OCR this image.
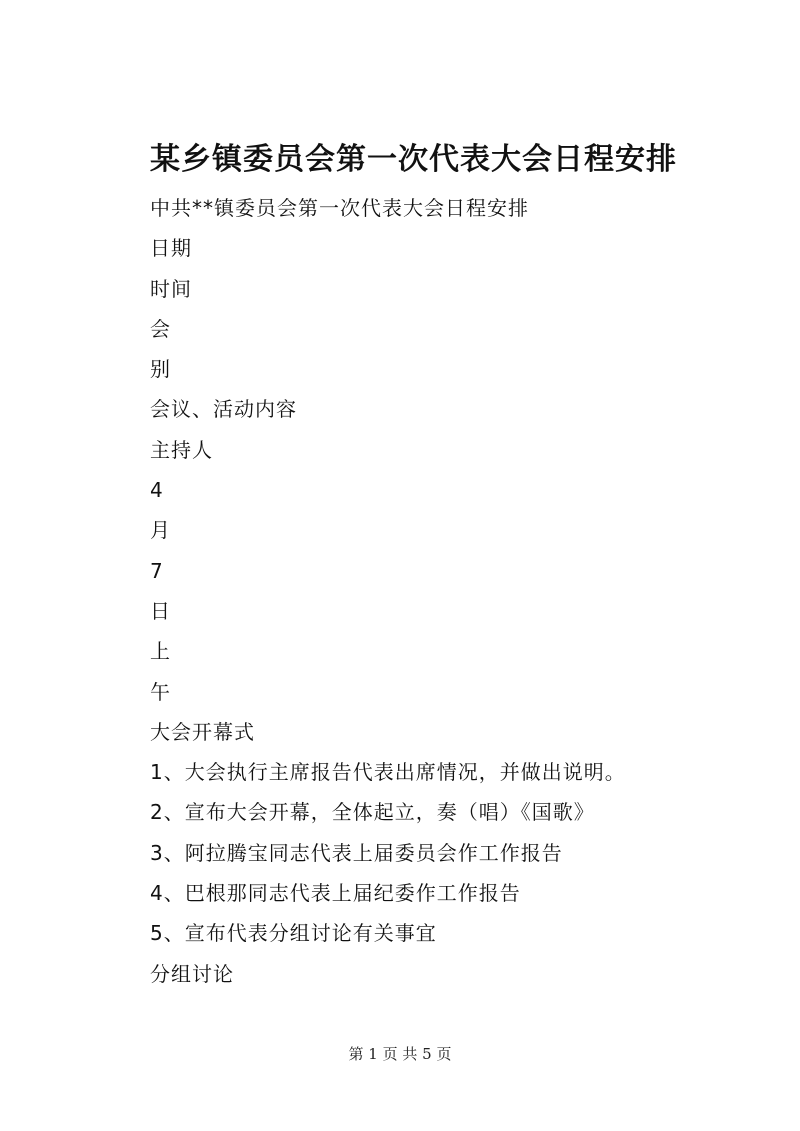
某乡镇委员会第一次代表大会日程安排
中共**镇委员会第一次代表大会日程安排
日期
时间
会
别
会议、活动内容
主持人
4
月
7
日
上
午
大会开幕式
1、大会执行主席报告代表出席情况，并做出说明。
2、宣布大会开幕，全体起立，奏（唱）《国歌》
3、阿拉腾宝同志代表上届委员会作工作报告
4、巴根那同志代表上届纪委作工作报告
5、宣布代表分组讨论有关事宜
分组讨论
第 1 页 共 5 页
